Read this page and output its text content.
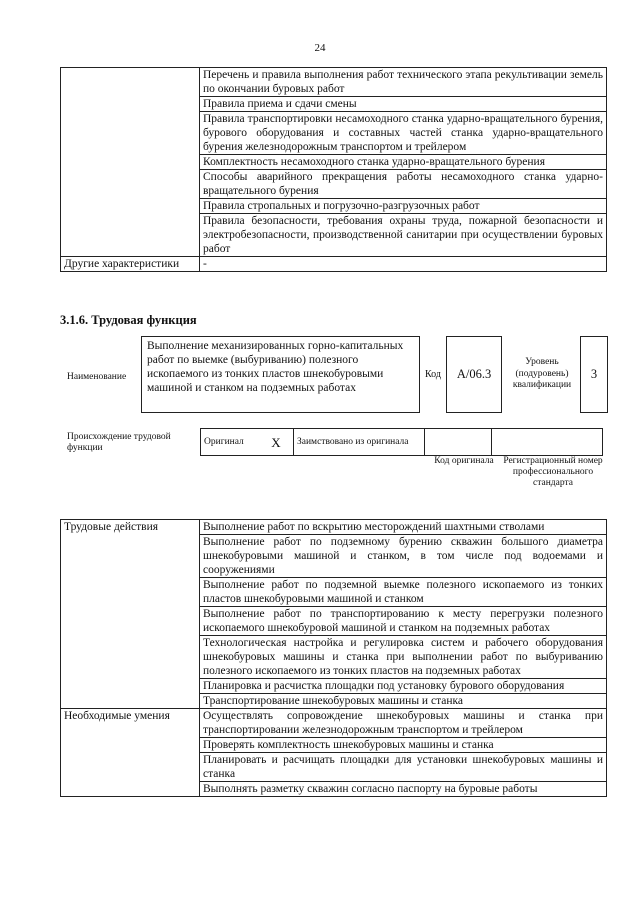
24
	Перечень и правила выполнения работ технического этапа рекультивации земель по окончании буровых работ
	Правила приема и сдачи смены
	Правила транспортировки несамоходного станка ударно-вращательного бурения, бурового оборудования и составных частей станка ударно-вращательного бурения железнодорожным транспортом и трейлером
	Комплектность несамоходного станка ударно-вращательного бурения
	Способы аварийного прекращения работы несамоходного станка ударно-вращательного бурения
	Правила стропальных и погрузочно-разгрузочных работ
	Правила безопасности, требования охраны труда, пожарной безопасности и электробезопасности, производственной санитарии при осуществлении буровых работ
Другие характеристики	-
3.1.6. Трудовая функция
Наименование
Выполнение механизированных горно-капитальных работ по выемке (выбуриванию) полезного ископаемого из тонких пластов шнекобуровыми машиной и станком на подземных работах
Код	А/06.3
Уровень (подуровень) квалификации
3
Происхождение трудовой функции
Оригинал	Х	Заимствовано из оригинала		
Код оригинала	Регистрационный номер профессионального стандарта
Трудовые действия	Выполнение работ по вскрытию месторождений шахтными стволами
	Выполнение работ по подземному бурению скважин большого диаметра шнекобуровыми машиной и станком, в том числе под водоемами и сооружениями
	Выполнение работ по подземной выемке полезного ископаемого из тонких пластов шнекобуровыми машиной и станком
	Выполнение работ по транспортированию к месту перегрузки полезного ископаемого шнекобуровой машиной и станком на подземных работах
	Технологическая настройка и регулировка систем и рабочего оборудования шнекобуровых машины и станка при выполнении работ по выбуриванию полезного ископаемого из тонких пластов на подземных работах
	Планировка и расчистка площадки под установку бурового оборудования
	Транспортирование шнекобуровых машины и станка
Необходимые умения	Осуществлять сопровождение шнекобуровых машины и станка при транспортировании железнодорожным транспортом и трейлером
	Проверять комплектность шнекобуровых машины и станка
	Планировать и расчищать площадки для установки шнекобуровых машины и станка
	Выполнять разметку скважин согласно паспорту на буровые работы
